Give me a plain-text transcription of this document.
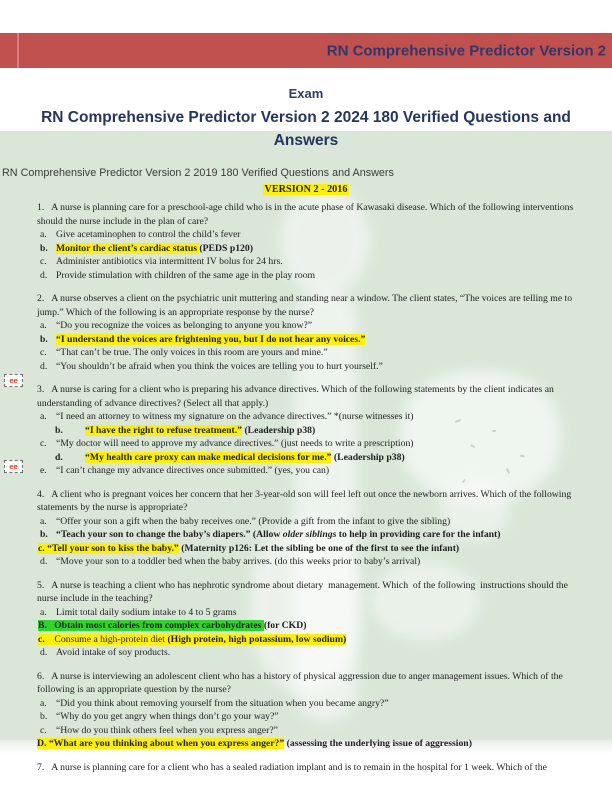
RN Comprehensive Predictor Version 2
Exam
RN Comprehensive Predictor Version 2 2024 180 Verified Questions and
Answers

RN Comprehensive Predictor Version 2 2019 180 Verified Questions and Answers

VERSION 2 - 2016

1. A nurse is planning care for a preschool-age child who is in the acute phase of Kawasaki disease. Which of the following interventions should the nurse include in the plan of care?

a. Give acetaminophen to control the child’s fever
b. Monitor the client’s cardiac status (PEDS p120)
c. Administer antibiotics via intermittent IV bolus for 24 hrs.
d. Provide stimulation with children of the same age in the play room

2. A nurse observes a client on the psychiatric unit muttering and standing near a window. The client states, “The voices are telling me to jump.” Which of the following is an appropriate response by the nurse?

a. “Do you recognize the voices as belonging to anyone you know?”
b. “I understand the voices are frightening you, but I do not hear any voices.”
c. “That can’t be true. The only voices in this room are yours and mine.”
d. “You shouldn’t be afraid when you think the voices are telling you to hurt yourself.”

3. A nurse is caring for a client who is preparing his advance directives. Which of the following statements by the client indicates an understanding of advance directives? (Select all that apply.)

a. “I need an attorney to witness my signature on the advance directives.” *(nurse witnesses it)
b.	“I have the right to refuse treatment.” (Leadership p38)
c. “My doctor will need to approve my advance directives.” (just needs to write a prescription)
d.	“My health care proxy can make medical decisions for me.” (Leadership p38)
e. “I can’t change my advance directives once submitted.” (yes, you can)
ee
ee

4. A client who is pregnant voices her concern that her 3-year-old son will feel left out once the newborn arrives. Which of the following statements by the nurse is appropriate?

a. “Offer your son a gift when the baby receives one.” (Provide a gift from the infant to give the sibling)
b. “Teach your son to change the baby’s diapers.” (Allow older siblings to help in providing care for the infant)
c. “Tell your son to kiss the baby.” (Maternity p126: Let the sibling be one of the first to see the infant)
d. “Move your son to a toddler bed when the baby arrives. (do this weeks prior to baby’s arrival)

5. A nurse is teaching a client who has nephrotic syndrome about dietary  management. Which  of the following  instructions should the nurse include in the teaching?

a. Limit total daily sodium intake to 4 to 5 grams
B.   Obtain most calories from complex carbohydrates (for CKD)
c.    Consume a high-protein diet (High protein, high potassium, low sodium)
d. Avoid intake of soy products.

6. A nurse is interviewing an adolescent client who has a history of physical aggression due to anger management issues. Which of the following is an appropriate question by the nurse?

a. “Did you think about removing yourself from the situation when you became angry?”
b. “Why do you get angry when things don’t go your way?”
c. “How do you think others feel when you express anger?”
D. “What are you thinking about when you express anger?” (assessing the underlying issue of aggression)

7. A nurse is planning care for a client who has a sealed radiation implant and is to remain in the hospital for 1 week. Which of the
